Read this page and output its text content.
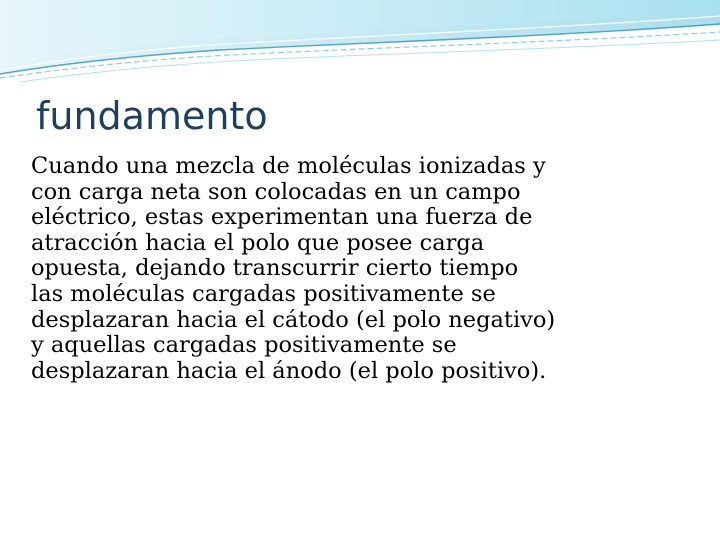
fundamento

Cuando una mezcla de moléculas ionizadas y
con carga neta son colocadas en un campo
eléctrico, estas experimentan una fuerza de
atracción hacia el polo que posee carga
opuesta, dejando transcurrir cierto tiempo
las moléculas cargadas positivamente se
desplazaran hacia el cátodo (el polo negativo)
y aquellas cargadas positivamente se
desplazaran hacia el ánodo (el polo positivo).
